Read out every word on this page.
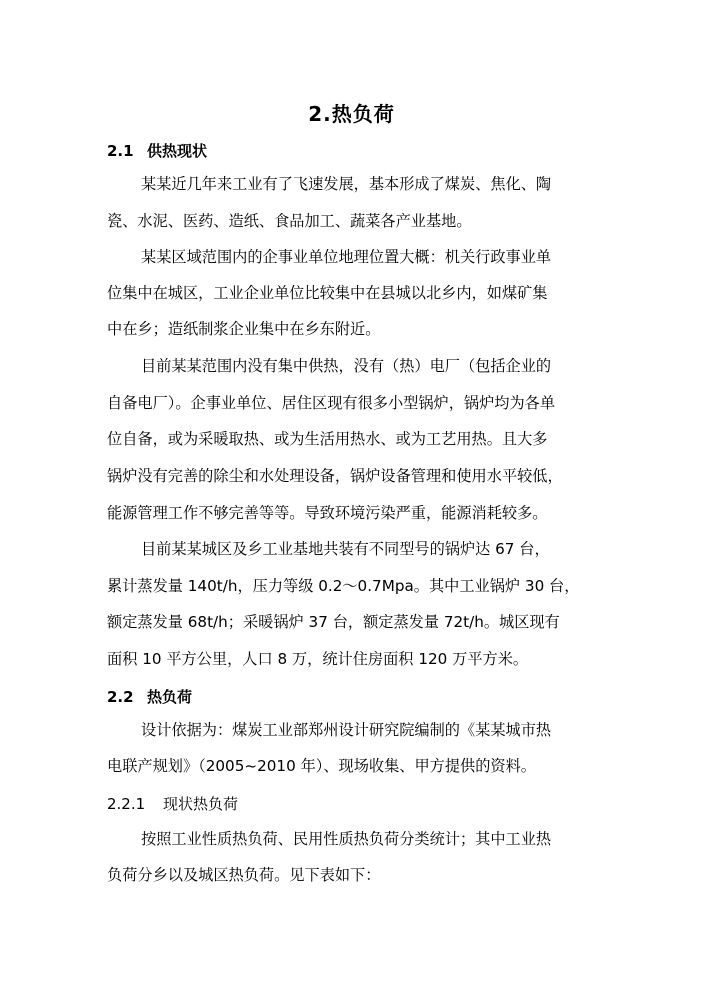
2.热负荷
2.1 供热现状
某某近几年来工业有了飞速发展，基本形成了煤炭、焦化、陶
瓷、水泥、医药、造纸、食品加工、蔬菜各产业基地。
某某区域范围内的企事业单位地理位置大概：机关行政事业单
位集中在城区，工业企业单位比较集中在县城以北乡内，如煤矿集
中在乡；造纸制浆企业集中在乡东附近。
目前某某范围内没有集中供热，没有（热）电厂（包括企业的
自备电厂）。企事业单位、居住区现有很多小型锅炉，锅炉均为各单
位自备，或为采暖取热、或为生活用热水、或为工艺用热。且大多
锅炉没有完善的除尘和水处理设备，锅炉设备管理和使用水平较低，
能源管理工作不够完善等等。导致环境污染严重，能源消耗较多。
目前某某城区及乡工业基地共装有不同型号的锅炉达 67 台，
累计蒸发量 140t/h，压力等级 0.2～0.7Mpa。其中工业锅炉 30 台，
额定蒸发量 68t/h；采暖锅炉 37 台，额定蒸发量 72t/h。城区现有
面积 10 平方公里，人口 8 万，统计住房面积 120 万平方米。
2.2 热负荷
设计依据为：煤炭工业部郑州设计研究院编制的《某某城市热
电联产规划》（2005~2010 年）、现场收集、甲方提供的资料。
2.2.1 现状热负荷
按照工业性质热负荷、民用性质热负荷分类统计；其中工业热
负荷分乡以及城区热负荷。见下表如下：
